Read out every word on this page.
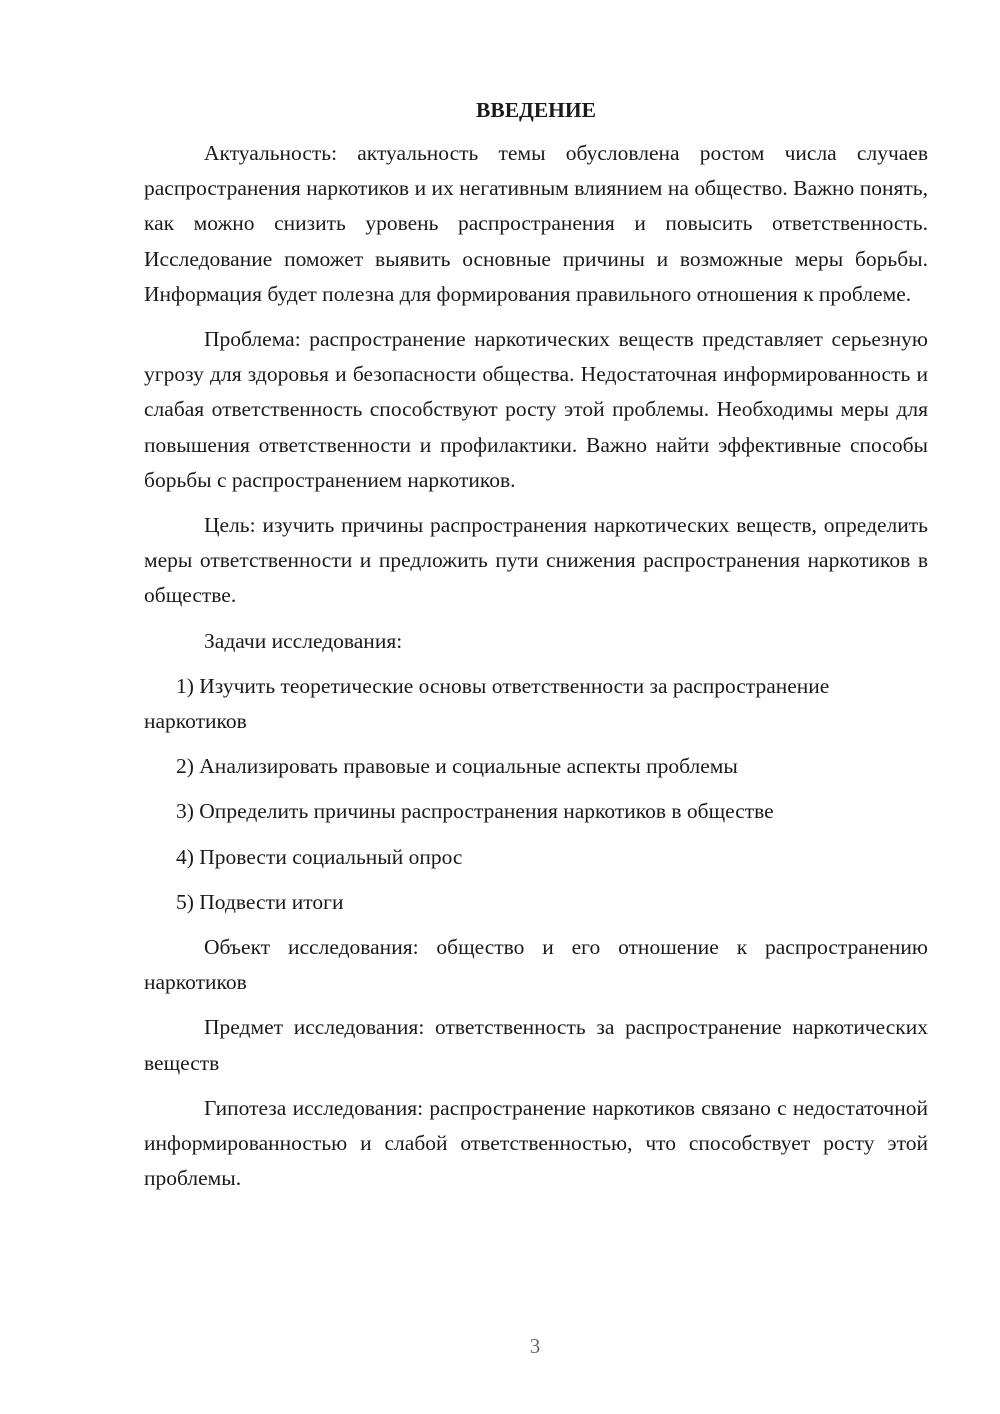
ВВЕДЕНИЕ

Актуальность: актуальность темы обусловлена ростом числа случаев распространения наркотиков и их негативным влиянием на общество. Важно понять, как можно снизить уровень распространения и повысить ответственность. Исследование поможет выявить основные причины и возможные меры борьбы. Информация будет полезна для формирования правильного отношения к проблеме.

Проблема: распространение наркотических веществ представляет серьезную угрозу для здоровья и безопасности общества. Недостаточная информированность и слабая ответственность способствуют росту этой проблемы. Необходимы меры для повышения ответственности и профилактики. Важно найти эффективные способы борьбы с распространением наркотиков.

Цель: изучить причины распространения наркотических веществ, определить меры ответственности и предложить пути снижения распространения наркотиков в обществе.

Задачи исследования:

1) Изучить теоретические основы ответственности за распространение наркотиков

2) Анализировать правовые и социальные аспекты проблемы

3) Определить причины распространения наркотиков в обществе

4) Провести социальный опрос

5) Подвести итоги

Объект исследования: общество и его отношение к распространению наркотиков

Предмет исследования: ответственность за распространение наркотических веществ

Гипотеза исследования: распространение наркотиков связано с недостаточной информированностью и слабой ответственностью, что способствует росту этой проблемы.

3
